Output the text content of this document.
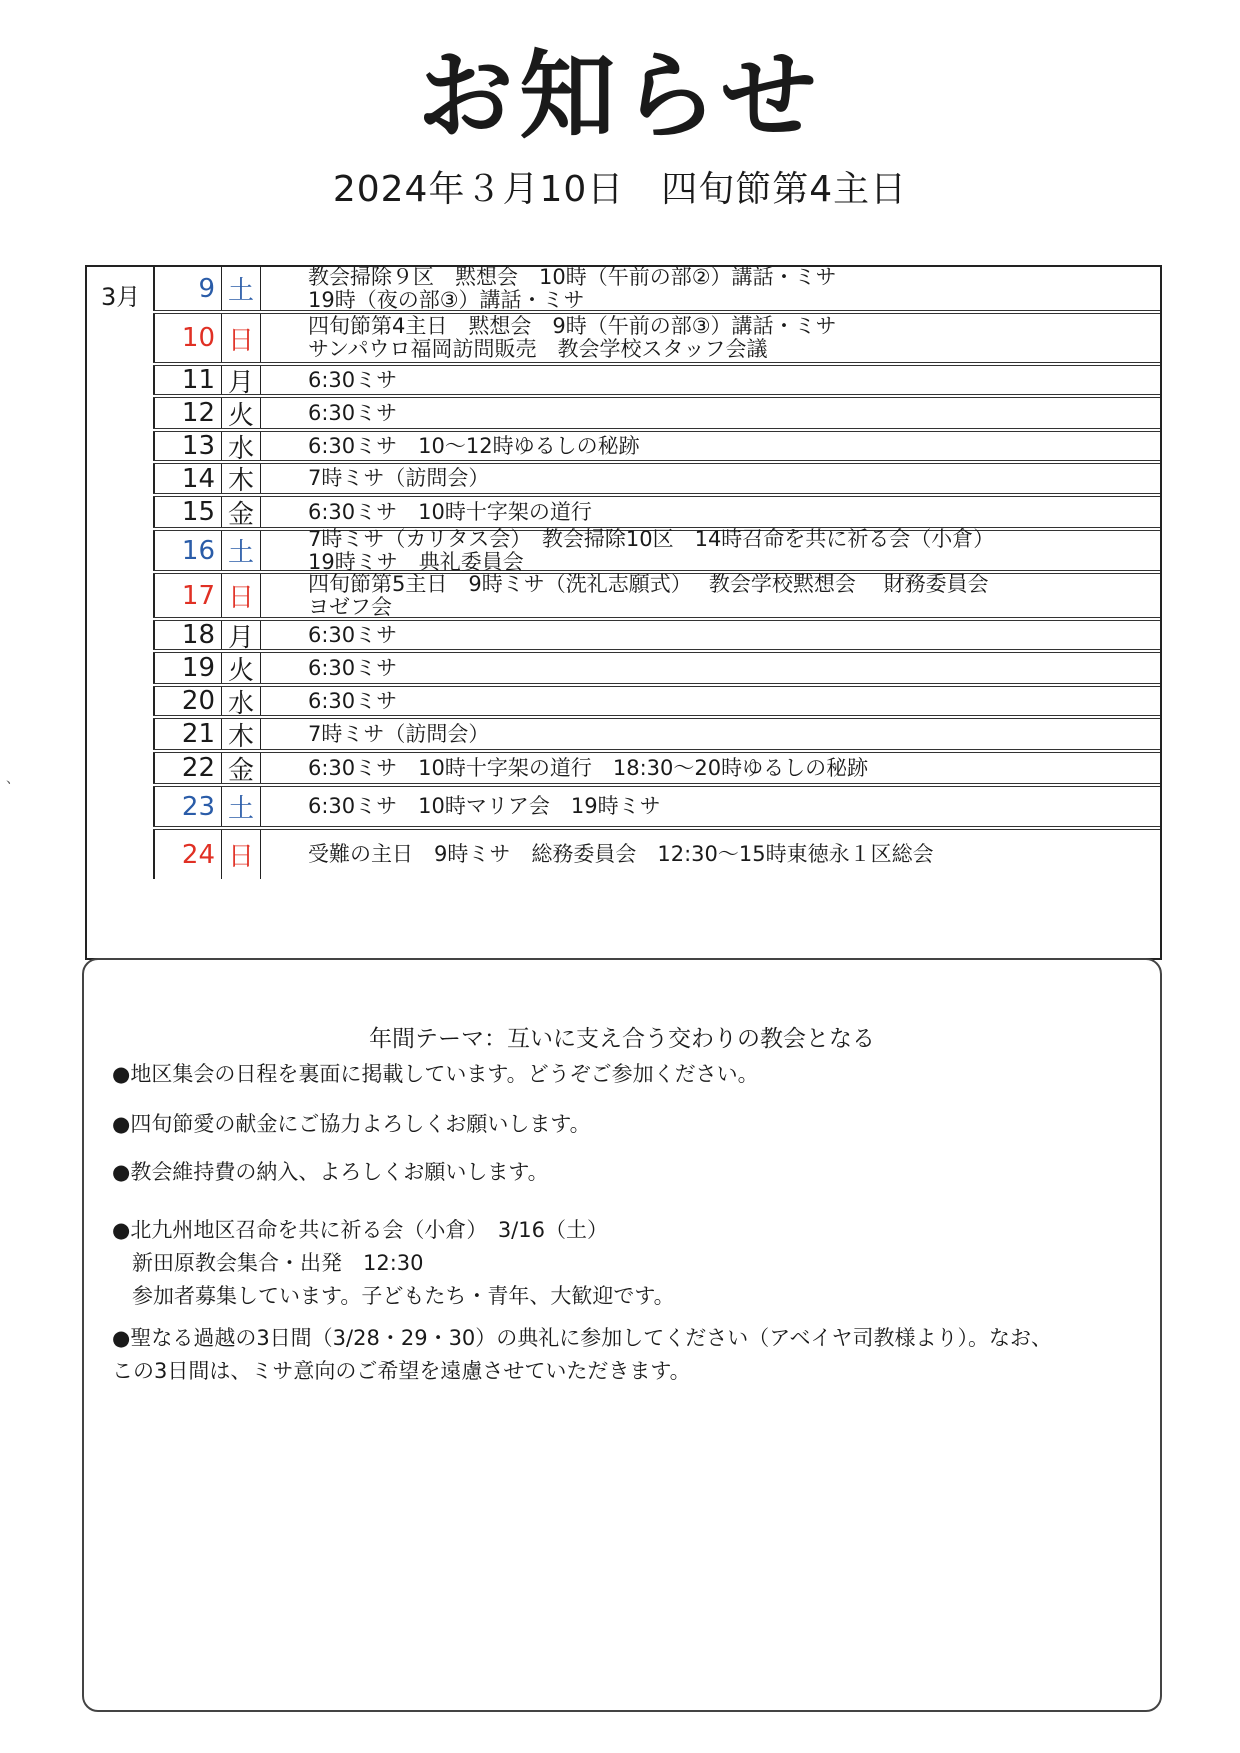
お知らせ
2024年３月10日　四旬節第4主日
3月	9 土	教会掃除９区　黙想会　10時（午前の部②）講話・ミサ
19時（夜の部③）講話・ミサ
10 日	四旬節第4主日　黙想会　9時（午前の部③）講話・ミサ
サンパウロ福岡訪問販売　教会学校スタッフ会議
11 月	6:30ミサ
12 火	6:30ミサ
13 水	6:30ミサ　10～12時ゆるしの秘跡
14 木	7時ミサ（訪問会）
15 金	6:30ミサ　10時十字架の道行
16 土	7時ミサ（カリタス会）　教会掃除10区　14時召命を共に祈る会（小倉）
19時ミサ　典礼委員会
17 日	四旬節第5主日　9時ミサ（洗礼志願式）　 教会学校黙想会　 財務委員会
ヨゼフ会
18 月	6:30ミサ
19 火	6:30ミサ
20 水	6:30ミサ
21 木	7時ミサ（訪問会）
22 金	6:30ミサ　10時十字架の道行　18:30～20時ゆるしの秘跡
23 土	6:30ミサ　10時マリア会　19時ミサ
24 日	受難の主日　9時ミサ　総務委員会　12:30～15時東徳永１区総会
年間テーマ：互いに支え合う交わりの教会となる
●地区集会の日程を裏面に掲載しています。どうぞご参加ください。
●四旬節愛の献金にご協力よろしくお願いします。
●教会維持費の納入、よろしくお願いします。
●北九州地区召命を共に祈る会（小倉）　3/16（土）
新田原教会集合・出発　12:30
参加者募集しています。子どもたち・青年、大歓迎です。
●聖なる過越の3日間（3/28・29・30）の典礼に参加してください（アベイヤ司教様より）。なお、
この3日間は、ミサ意向のご希望を遠慮させていただきます。
、
